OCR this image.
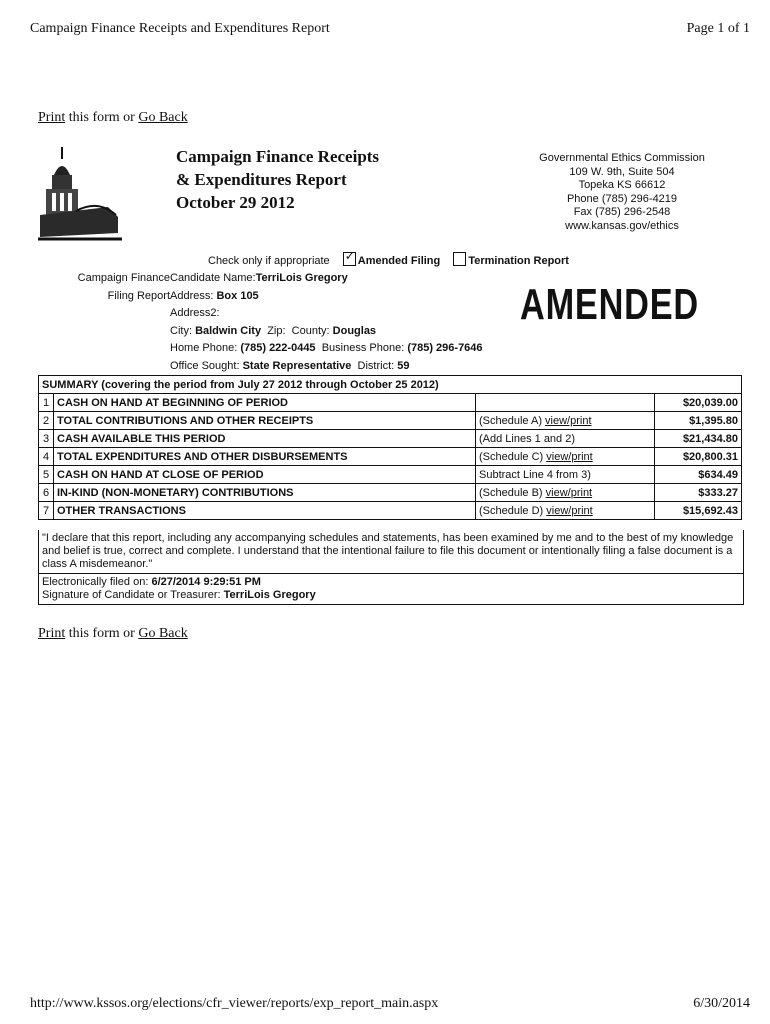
Campaign Finance Receipts and Expenditures Report	Page 1 of 1
Print this form or Go Back
Campaign Finance Receipts
& Expenditures Report
October 29 2012
Governmental Ethics Commission
109 W. 9th, Suite 504
Topeka KS 66612
Phone (785) 296-4219
Fax (785) 296-2548
www.kansas.gov/ethics
Check only if appropriate ✓ Amended Filing	Termination Report
Campaign FinanceCandidate Name:TerriLois Gregory
Filing ReportAddress: Box 105
Address2:
City: Baldwin City Zip: County: Douglas
Home Phone: (785) 222-0445 Business Phone: (785) 296-7646
Office Sought: State Representative District: 59
AMENDED
SUMMARY (covering the period from July 27 2012 through October 25 2012)			
1	CASH ON HAND AT BEGINNING OF PERIOD		$20,039.00
2	TOTAL CONTRIBUTIONS AND OTHER RECEIPTS	(Schedule A) view/print	$1,395.80
3	CASH AVAILABLE THIS PERIOD	(Add Lines 1 and 2)	$21,434.80
4	TOTAL EXPENDITURES AND OTHER DISBURSEMENTS	(Schedule C) view/print	$20,800.31
5	CASH ON HAND AT CLOSE OF PERIOD	Subtract Line 4 from 3)	$634.49
6	IN-KIND (NON-MONETARY) CONTRIBUTIONS	(Schedule B) view/print	$333.27
7	OTHER TRANSACTIONS	(Schedule D) view/print	$15,692.43
"I declare that this report, including any accompanying schedules and statements, has been examined by me and to the best of my knowledge and belief is true, correct and complete. I understand that the intentional failure to file this document or intentionally filing a false document is a class A misdemeanor."
Electronically filed on: 6/27/2014 9:29:51 PM
Signature of Candidate or Treasurer: TerriLois Gregory
Print this form or Go Back
http://www.kssos.org/elections/cfr_viewer/reports/exp_report_main.aspx	6/30/2014
